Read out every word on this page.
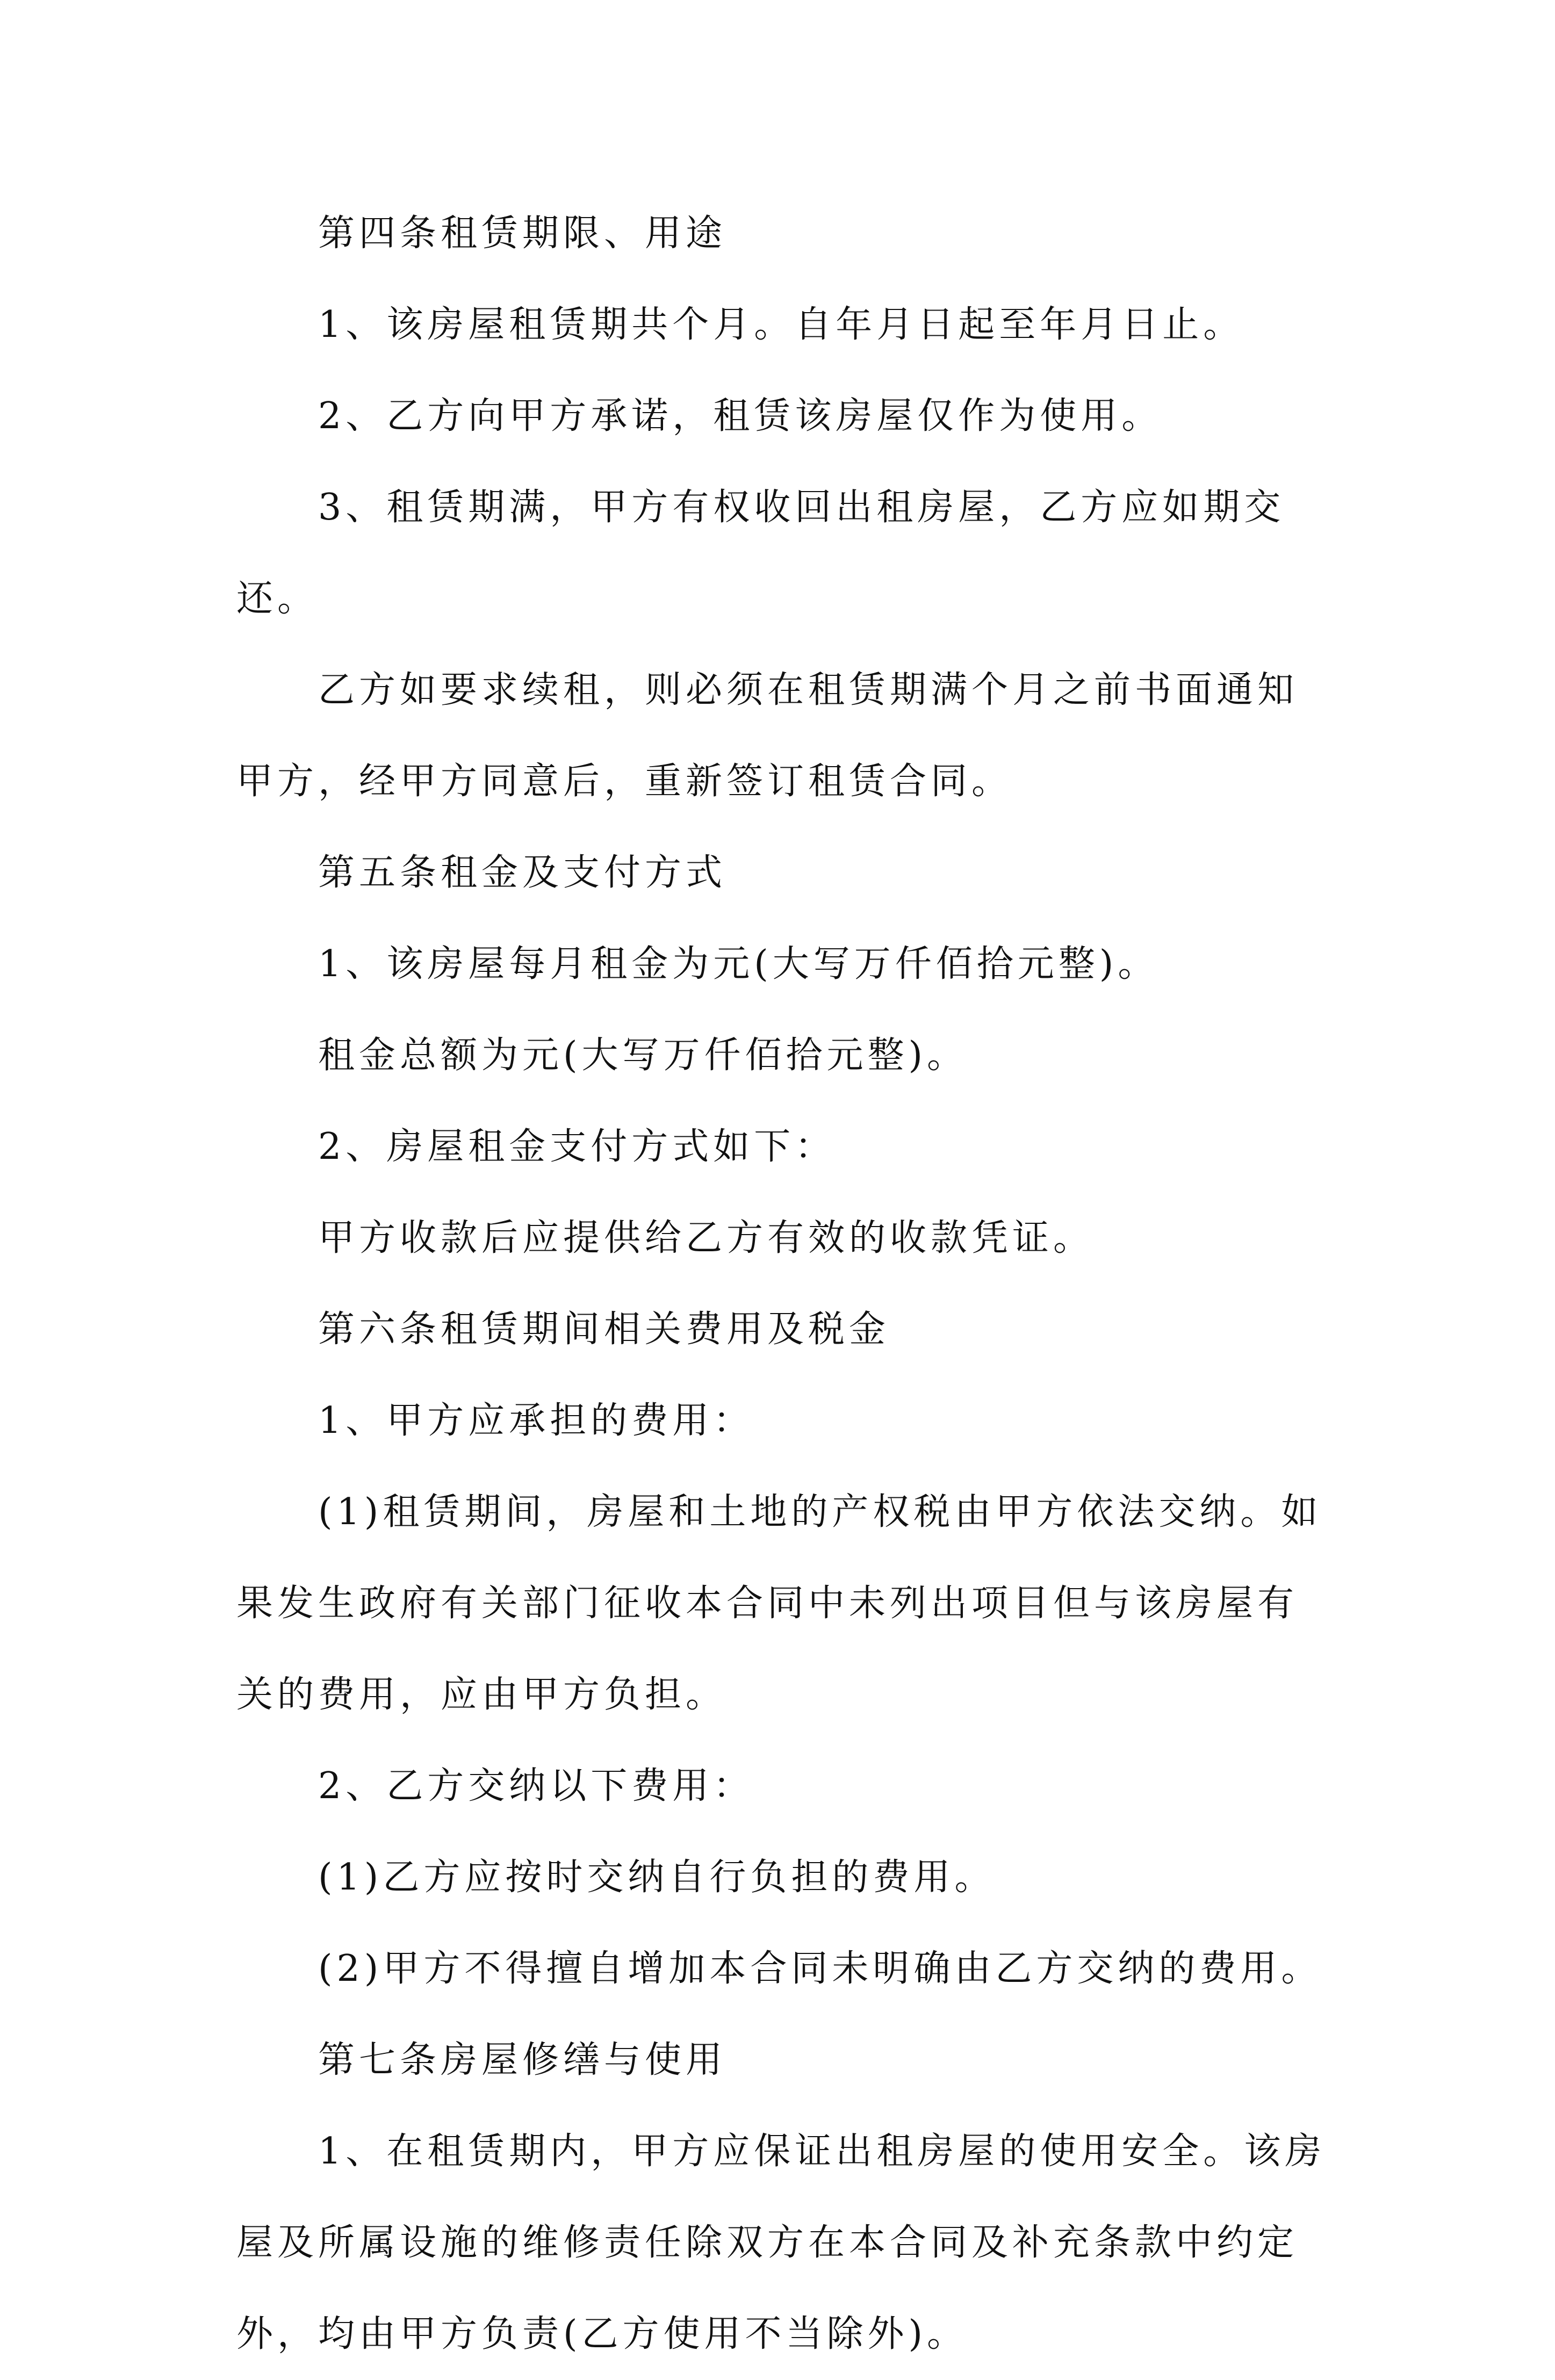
第四条租赁期限、用途

1、该房屋租赁期共个月。自年月日起至年月日止。

2、乙方向甲方承诺，租赁该房屋仅作为使用。

3、租赁期满，甲方有权收回出租房屋，乙方应如期交还。

乙方如要求续租，则必须在租赁期满个月之前书面通知甲方，经甲方同意后，重新签订租赁合同。

第五条租金及支付方式

1、该房屋每月租金为元(大写万仟佰拾元整)。

租金总额为元(大写万仟佰拾元整)。

2、房屋租金支付方式如下：

甲方收款后应提供给乙方有效的收款凭证。

第六条租赁期间相关费用及税金

1、甲方应承担的费用：

(1)租赁期间，房屋和土地的产权税由甲方依法交纳。如果发生政府有关部门征收本合同中未列出项目但与该房屋有关的费用，应由甲方负担。

2、乙方交纳以下费用：

(1)乙方应按时交纳自行负担的费用。

(2)甲方不得擅自增加本合同未明确由乙方交纳的费用。

第七条房屋修缮与使用

1、在租赁期内，甲方应保证出租房屋的使用安全。该房屋及所属设施的维修责任除双方在本合同及补充条款中约定外，均由甲方负责(乙方使用不当除外)。
